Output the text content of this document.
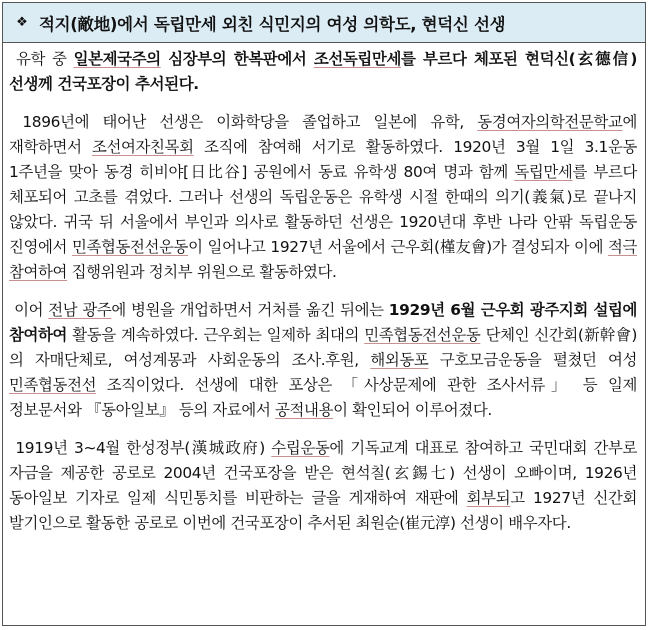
❖ 적지(敵地)에서 독립만세 외친 식민지의 여성 의학도, 현덕신 선생

유학 중 일본제국주의 심장부의 한복판에서 조선독립만세를 부르다 체포된 현덕신(玄德信) 선생께 건국포장이 추서된다.

1896년에 태어난 선생은 이화학당을 졸업하고 일본에 유학, 동경여자의학전문학교에 재학하면서 조선여자친목회 조직에 참여해 서기로 활동하였다. 1920년 3월 1일 3.1운동 1주년을 맞아 동경 히비야[日比谷] 공원에서 동료 유학생 80여 명과 함께 독립만세를 부르다 체포되어 고초를 겪었다. 그러나 선생의 독립운동은 유학생 시절 한때의 의기(義氣)로 끝나지 않았다. 귀국 뒤 서울에서 부인과 의사로 활동하던 선생은 1920년대 후반 나라 안팎 독립운동 진영에서 민족협동전선운동이 일어나고 1927년 서울에서 근우회(槿友會)가 결성되자 이에 적극 참여하여 집행위원과 정치부 위원으로 활동하였다.

이어 전남 광주에 병원을 개업하면서 거처를 옮긴 뒤에는 1929년 6월 근우회 광주지회 설립에 참여하여 활동을 계속하였다. 근우회는 일제하 최대의 민족협동전선운동 단체인 신간회(新幹會)의 자매단체로, 여성계몽과 사회운동의 조사.후원, 해외동포 구호모금운동을 펼쳤던 여성 민족협동전선 조직이었다. 선생에 대한 포상은 「사상문제에 관한 조사서류」 등 일제 정보문서와 『동아일보』 등의 자료에서 공적내용이 확인되어 이루어졌다.

1919년 3∼4월 한성정부(漢城政府) 수립운동에 기독교계 대표로 참여하고 국민대회 간부로 자금을 제공한 공로로 2004년 건국포장을 받은 현석칠(玄錫七) 선생이 오빠이며, 1926년 동아일보 기자로 일제 식민통치를 비판하는 글을 게재하여 재판에 회부되고 1927년 신간회 발기인으로 활동한 공로로 이번에 건국포장이 추서된 최원순(崔元淳) 선생이 배우자다.
